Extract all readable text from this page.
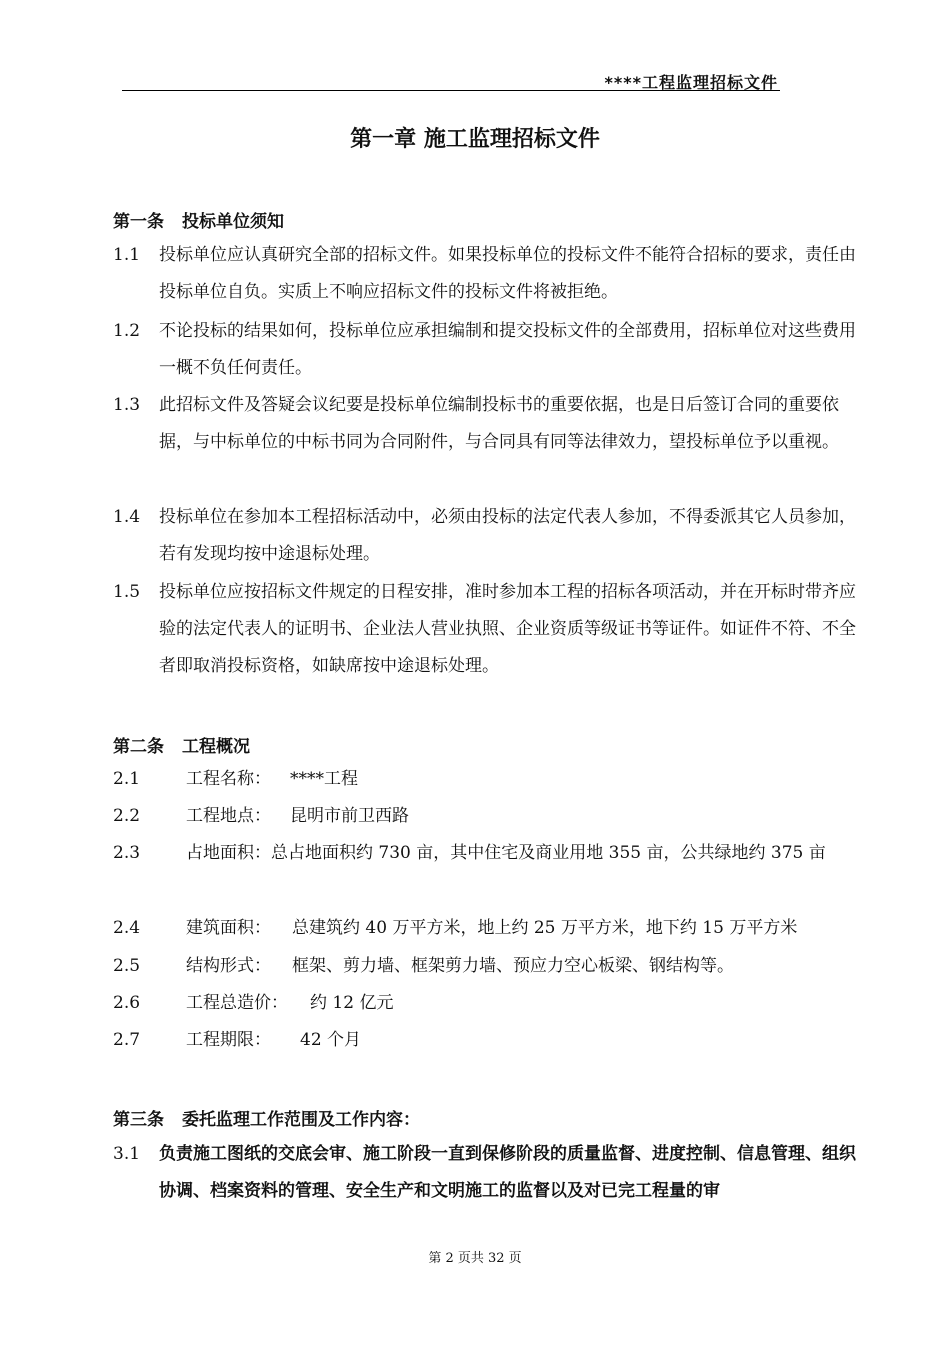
****工程监理招标文件
第一章 施工监理招标文件
第一条 投标单位须知
1.1	投标单位应认真研究全部的招标文件。如果投标单位的投标文件不能符合招标的要求，责任由投标单位自负。实质上不响应招标文件的投标文件将被拒绝。
1.2	不论投标的结果如何，投标单位应承担编制和提交投标文件的全部费用，招标单位对这些费用一概不负任何责任。
1.3	此招标文件及答疑会议纪要是投标单位编制投标书的重要依据，也是日后签订合同的重要依据，与中标单位的中标书同为合同附件，与合同具有同等法律效力，望投标单位予以重视。
1.4	投标单位在参加本工程招标活动中，必须由投标的法定代表人参加，不得委派其它人员参加，若有发现均按中途退标处理。
1.5	投标单位应按招标文件规定的日程安排，准时参加本工程的招标各项活动，并在开标时带齐应验的法定代表人的证明书、企业法人营业执照、企业资质等级证书等证件。如证件不符、不全者即取消投标资格，如缺席按中途退标处理。
第二条 工程概况
2.1	工程名称： ****工程
2.2	工程地点： 昆明市前卫西路
2.3	占地面积：总占地面积约 730 亩，其中住宅及商业用地 355 亩，公共绿地约 375 亩
2.4	建筑面积： 总建筑约 40 万平方米，地上约 25 万平方米，地下约 15 万平方米
2.5	结构形式： 框架、剪力墙、框架剪力墙、预应力空心板梁、钢结构等。
2.6	工程总造价： 约 12 亿元
2.7	工程期限： 42 个月
第三条 委托监理工作范围及工作内容：
3.1	负责施工图纸的交底会审、施工阶段一直到保修阶段的质量监督、进度控制、信息管理、组织协调、档案资料的管理、安全生产和文明施工的监督以及对已完工程量的审
第 2 页共 32 页
